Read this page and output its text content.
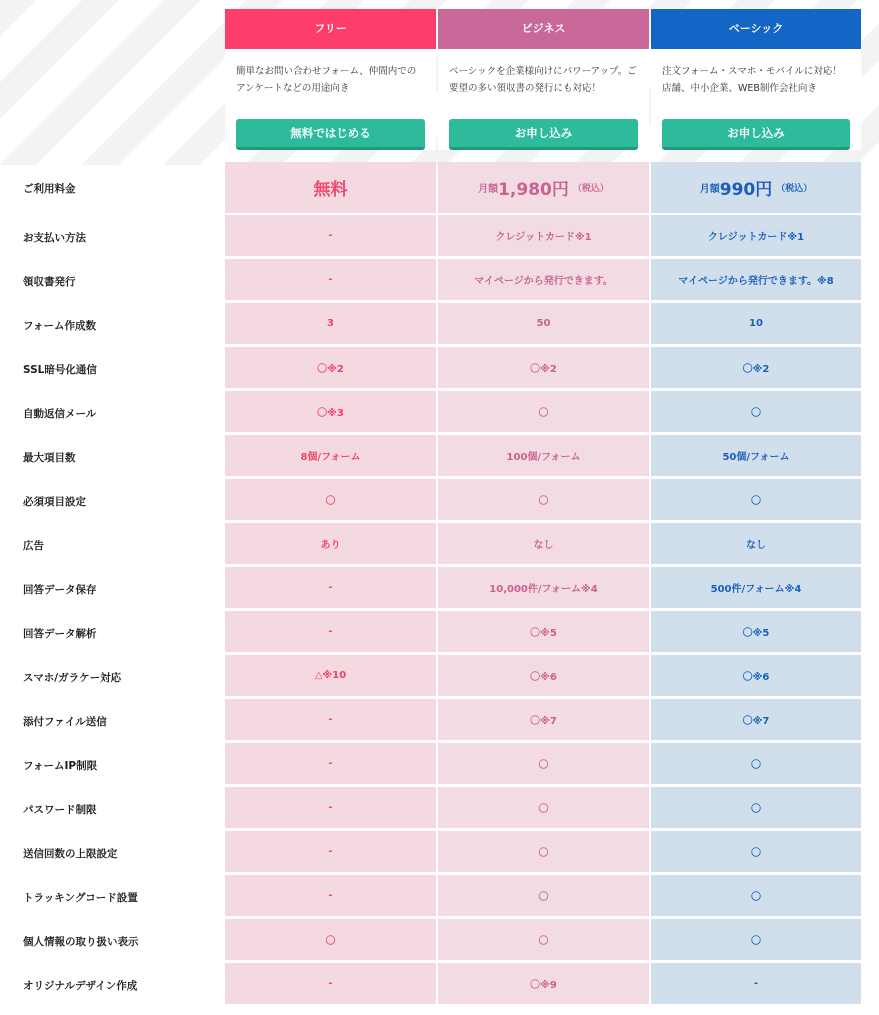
フリー
簡単なお問い合わせフォーム、仲間内でのアンケートなどの用途向き
無料ではじめる
ビジネス
ベーシックを企業様向けにパワーアップ。ご要望の多い領収書の発行にも対応！
お申し込み
ベーシック
注文フォーム・スマホ・モバイルに対応！店舗、中小企業、WEB制作会社向き
お申し込み
ご利用料金	無料	月額 1,980円 （税込）	月額 990円 （税込）
お支払い方法	-	クレジットカード※1	クレジットカード※1
領収書発行	-	マイページから発行できます。	マイページから発行できます。※8
フォーム作成数	3	50	10
SSL暗号化通信	〇※2	〇※2	〇※2
自動返信メール	〇※3	〇	〇
最大項目数	8個/フォーム	100個/フォーム	50個/フォーム
必須項目設定	〇	〇	〇
広告	あり	なし	なし
回答データ保存	-	10,000件/フォーム※4	500件/フォーム※4
回答データ解析	-	〇※5	〇※5
スマホ/ガラケー対応	△※10	〇※6	〇※6
添付ファイル送信	-	〇※7	〇※7
フォームIP制限	-	〇	〇
パスワード制限	-	〇	〇
送信回数の上限設定	-	〇	〇
トラッキングコード設置	-	〇	〇
個人情報の取り扱い表示	〇	〇	〇
オリジナルデザイン作成	-	〇※9	-
